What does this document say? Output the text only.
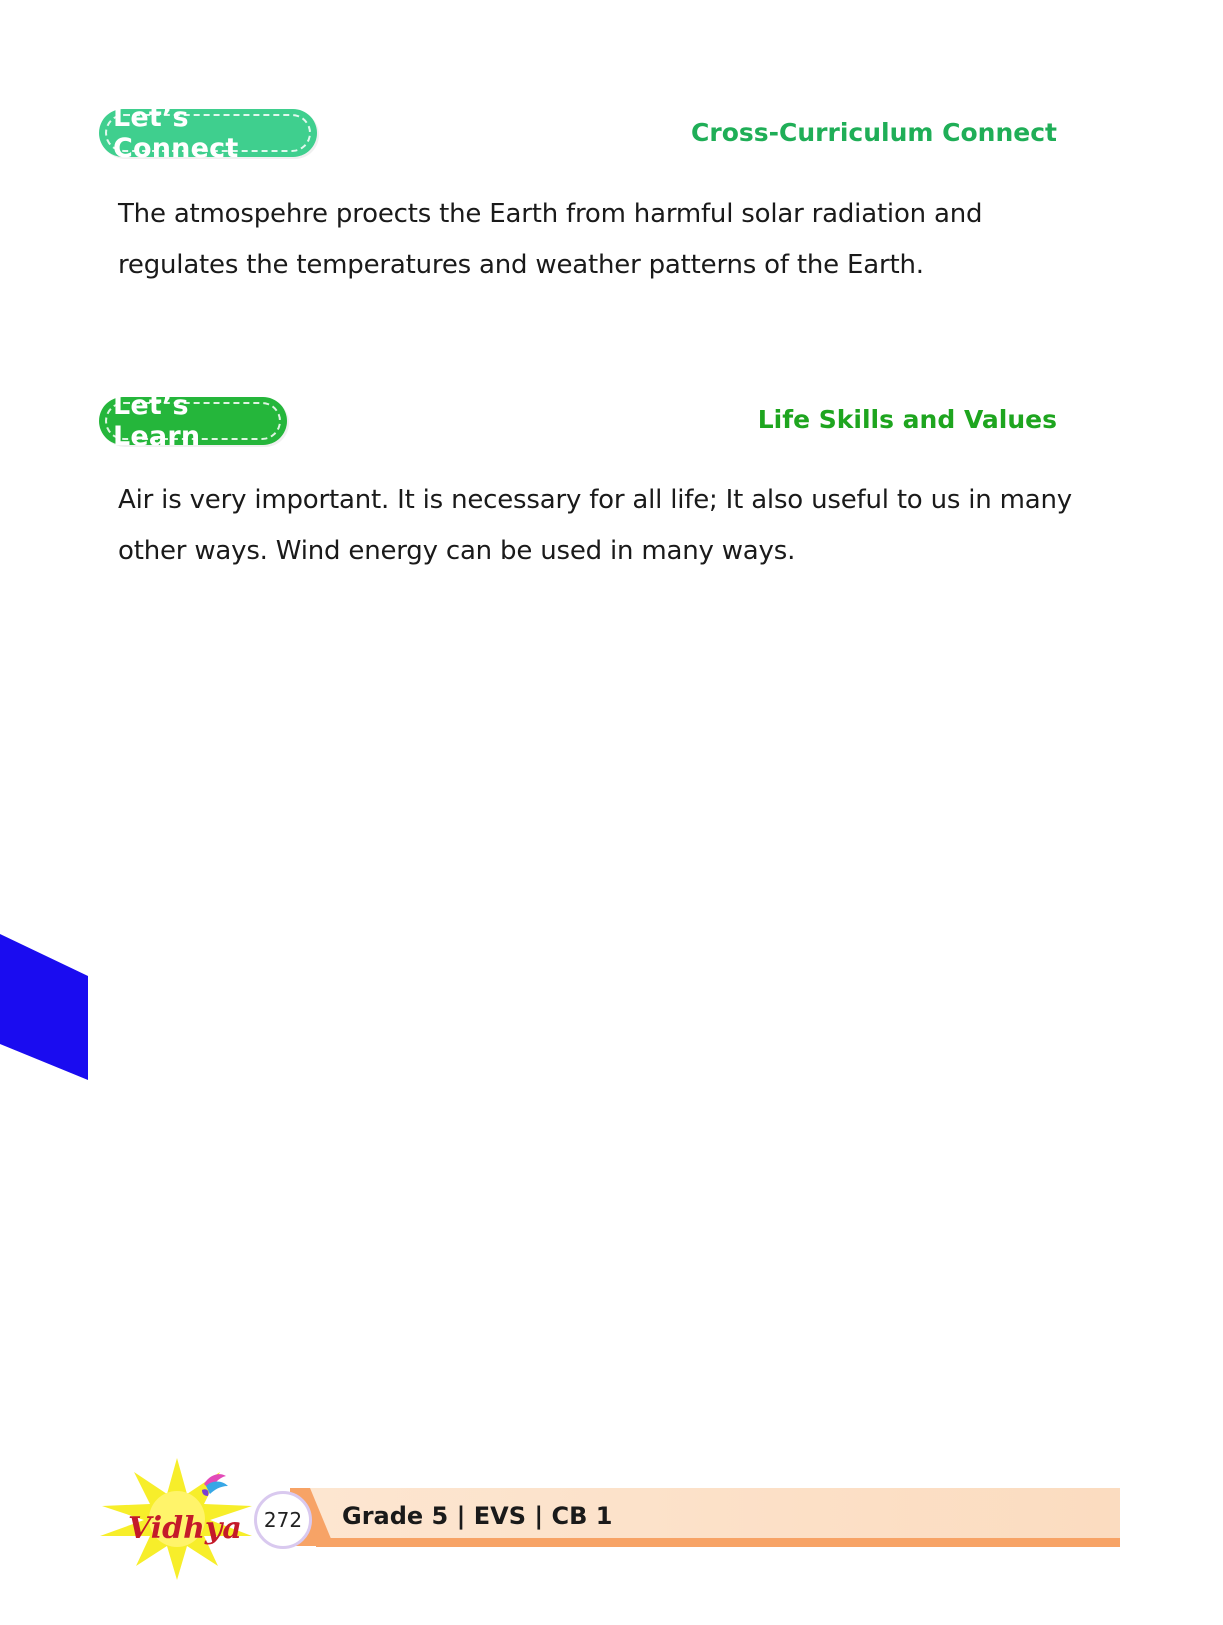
Let’s Connect
Cross-Curriculum Connect
The atmospehre proects the Earth from harmful solar radiation and
regulates the temperatures and weather patterns of the Earth.
Let’s Learn
Life Skills and Values
Air is very important. It is necessary for all life; It also useful to us in many
other ways. Wind energy can be used in many ways.
Vidhya 272 Grade 5 | EVS | CB 1
